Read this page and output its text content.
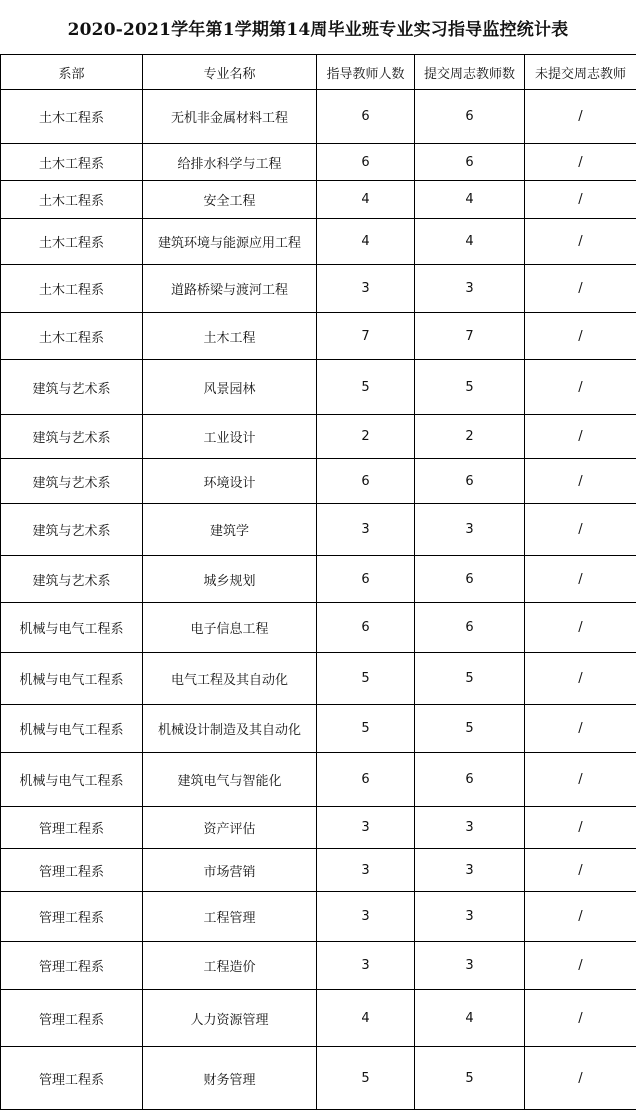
2020-2021学年第1学期第14周毕业班专业实习指导监控统计表
系部	专业名称	指导教师人数	提交周志教师数	未提交周志教师
土木工程系	无机非金属材料工程	6	6	/
土木工程系	给排水科学与工程	6	6	/
土木工程系	安全工程	4	4	/
土木工程系	建筑环境与能源应用工程	4	4	/
土木工程系	道路桥梁与渡河工程	3	3	/
土木工程系	土木工程	7	7	/
建筑与艺术系	风景园林	5	5	/
建筑与艺术系	工业设计	2	2	/
建筑与艺术系	环境设计	6	6	/
建筑与艺术系	建筑学	3	3	/
建筑与艺术系	城乡规划	6	6	/
机械与电气工程系	电子信息工程	6	6	/
机械与电气工程系	电气工程及其自动化	5	5	/
机械与电气工程系	机械设计制造及其自动化	5	5	/
机械与电气工程系	建筑电气与智能化	6	6	/
管理工程系	资产评估	3	3	/
管理工程系	市场营销	3	3	/
管理工程系	工程管理	3	3	/
管理工程系	工程造价	3	3	/
管理工程系	人力资源管理	4	4	/
管理工程系	财务管理	5	5	/
